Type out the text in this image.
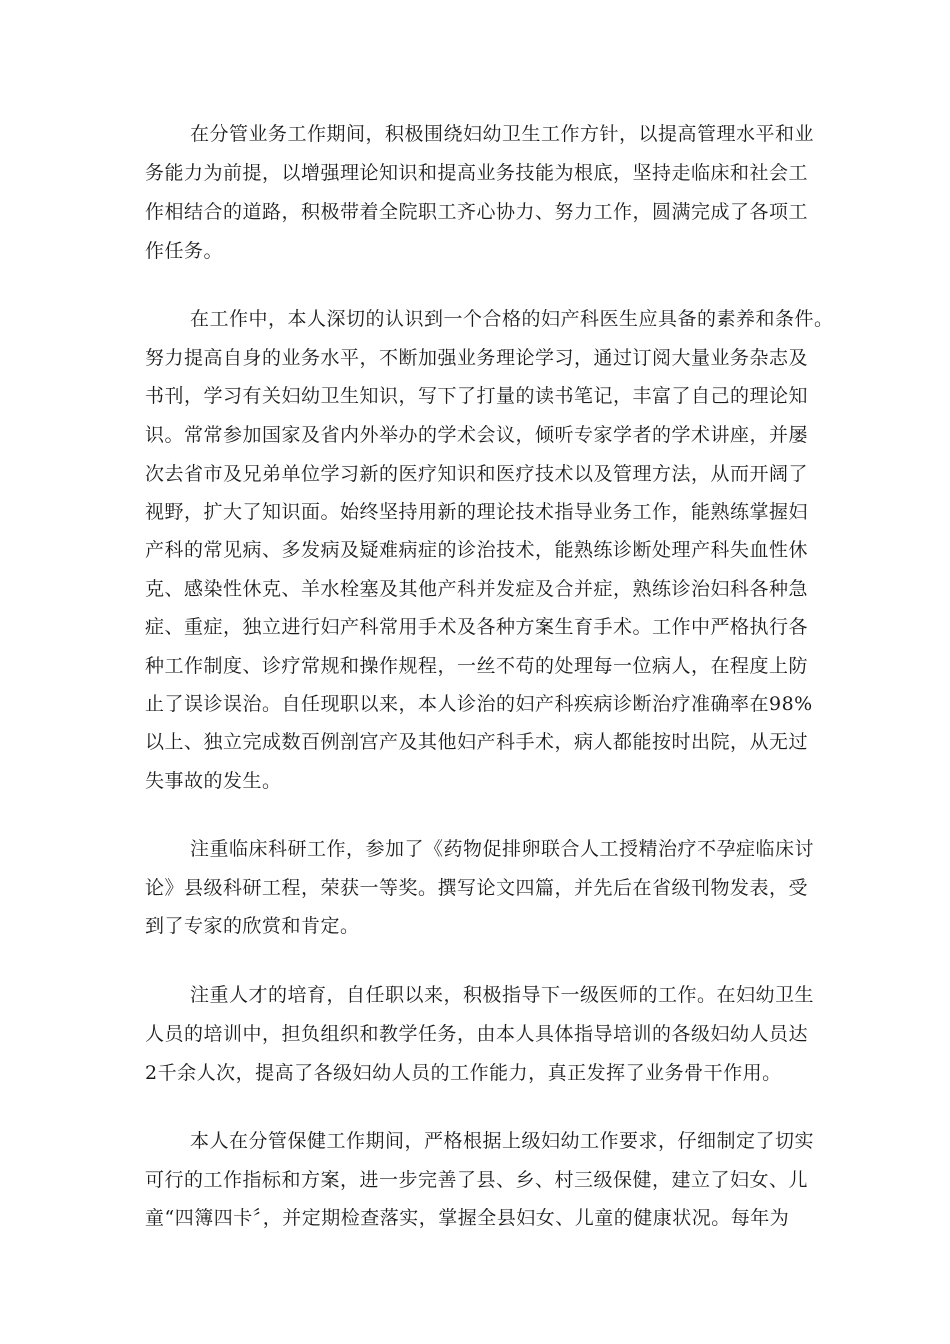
在分管业务工作期间，积极围绕妇幼卫生工作方针，以提高管理水平和业
务能力为前提，以增强理论知识和提高业务技能为根底，坚持走临床和社会工
作相结合的道路，积极带着全院职工齐心协力、努力工作，圆满完成了各项工
作任务。
在工作中，本人深切的认识到一个合格的妇产科医生应具备的素养和条件。
努力提高自身的业务水平，不断加强业务理论学习，通过订阅大量业务杂志及
书刊，学习有关妇幼卫生知识，写下了打量的读书笔记，丰富了自己的理论知
识。常常参加国家及省内外举办的学术会议，倾听专家学者的学术讲座，并屡
次去省市及兄弟单位学习新的医疗知识和医疗技术以及管理方法，从而开阔了
视野，扩大了知识面。始终坚持用新的理论技术指导业务工作，能熟练掌握妇
产科的常见病、多发病及疑难病症的诊治技术，能熟练诊断处理产科失血性休
克、感染性休克、羊水栓塞及其他产科并发症及合并症，熟练诊治妇科各种急
症、重症，独立进行妇产科常用手术及各种方案生育手术。工作中严格执行各
种工作制度、诊疗常规和操作规程，一丝不苟的处理每一位病人，在程度上防
止了误诊误治。自任现职以来，本人诊治的妇产科疾病诊断治疗准确率在98%
以上、独立完成数百例剖宫产及其他妇产科手术，病人都能按时出院，从无过
失事故的发生。
注重临床科研工作，参加了《药物促排卵联合人工授精治疗不孕症临床讨
论》县级科研工程，荣获一等奖。撰写论文四篇，并先后在省级刊物发表，受
到了专家的欣赏和肯定。
注重人才的培育，自任职以来，积极指导下一级医师的工作。在妇幼卫生
人员的培训中，担负组织和教学任务，由本人具体指导培训的各级妇幼人员达
2千余人次，提高了各级妇幼人员的工作能力，真正发挥了业务骨干作用。
本人在分管保健工作期间，严格根据上级妇幼工作要求，仔细制定了切实
可行的工作指标和方案，进一步完善了县、乡、村三级保健，建立了妇女、儿
童“四簿四卡〞，并定期检查落实，掌握全县妇女、儿童的健康状况。每年为
